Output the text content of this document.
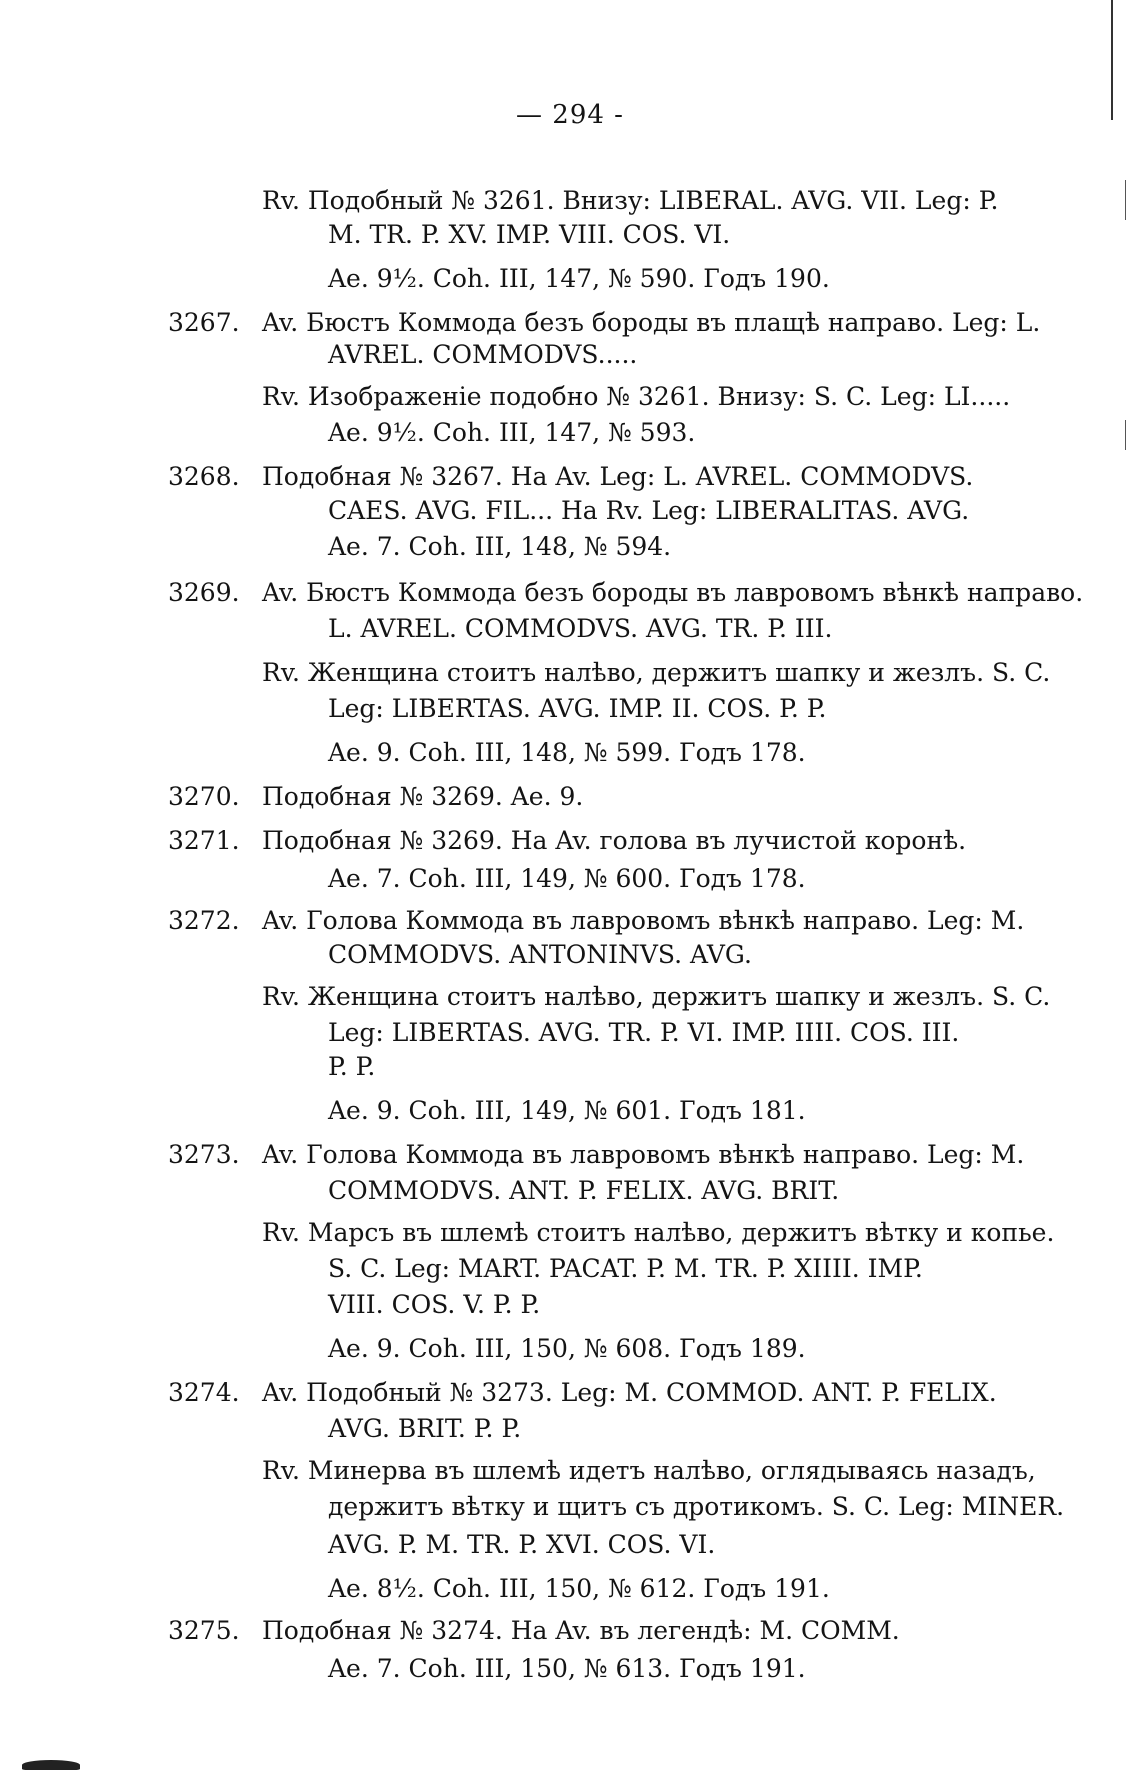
— 294 -
Rv. Подобный № 3261. Внизу: LIBERAL. AVG. VII. Leg: P.
M. TR. P. XV. IMP. VIII. COS. VI.
Ae. 9½. Coh. III, 147, № 590. Годъ 190.
3267. Av. Бюстъ Коммода безъ бороды въ плащѣ направо. Leg: L.
AVREL. COMMODVS.....
Rv. Изображеніе подобно № 3261. Внизу: S. C. Leg: LI.....
Ae. 9½. Coh. III, 147, № 593.
3268. Подобная № 3267. На Av. Leg: L. AVREL. COMMODVS.
CAES. AVG. FIL... На Rv. Leg: LIBERALITAS. AVG.
Ae. 7. Coh. III, 148, № 594.
3269. Av. Бюстъ Коммода безъ бороды въ лавровомъ вѣнкѣ направо.
L. AVREL. COMMODVS. AVG. TR. P. III.
Rv. Женщина стоитъ налѣво, держитъ шапку и жезлъ. S. C.
Leg: LIBERTAS. AVG. IMP. II. COS. P. P.
Ae. 9. Coh. III, 148, № 599. Годъ 178.
3270. Подобная № 3269. Ae. 9.
3271. Подобная № 3269. На Av. голова въ лучистой коронѣ.
Ae. 7. Coh. III, 149, № 600. Годъ 178.
3272. Av. Голова Коммода въ лавровомъ вѣнкѣ направо. Leg: M.
COMMODVS. ANTONINVS. AVG.
Rv. Женщина стоитъ налѣво, держитъ шапку и жезлъ. S. C.
Leg: LIBERTAS. AVG. TR. P. VI. IMP. IIII. COS. III.
P. P.
Ae. 9. Coh. III, 149, № 601. Годъ 181.
3273. Av. Голова Коммода въ лавровомъ вѣнкѣ направо. Leg: M.
COMMODVS. ANT. P. FELIX. AVG. BRIT.
Rv. Марсъ въ шлемѣ стоитъ налѣво, держитъ вѣтку и копье.
S. C. Leg: MART. PACAT. P. M. TR. P. XIIII. IMP.
VIII. COS. V. P. P.
Ae. 9. Coh. III, 150, № 608. Годъ 189.
3274. Av. Подобный № 3273. Leg: M. COMMOD. ANT. P. FELIX.
AVG. BRIT. P. P.
Rv. Минерва въ шлемѣ идетъ налѣво, оглядываясь назадъ,
держитъ вѣтку и щитъ съ дротикомъ. S. C. Leg: MINER.
AVG. P. M. TR. P. XVI. COS. VI.
Ae. 8½. Coh. III, 150, № 612. Годъ 191.
3275. Подобная № 3274. На Av. въ легендѣ: M. COMM.
Ae. 7. Coh. III, 150, № 613. Годъ 191.
